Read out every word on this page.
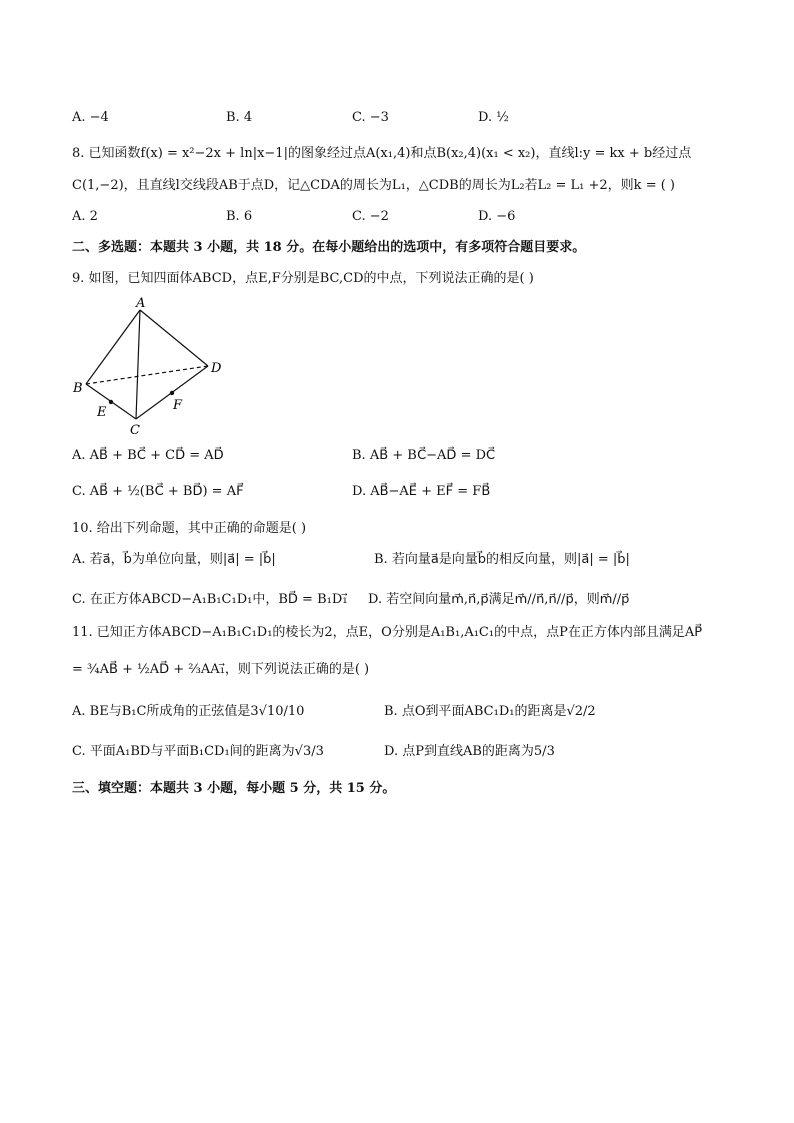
A. −4	B. 4	C. −3	D. ½
8. 已知函数f(x) = x²−2x + ln|x−1|的图象经过点A(x₁,4)和点B(x₂,4)(x₁ < x₂)，直线l:y = kx + b经过点
C(1,−2)，且直线l交线段AB于点D，记△CDA的周长为L₁，△CDB的周长为L₂若L₂ = L₁ +2，则k = ( )
A. 2	B. 6	C. −2	D. −6
二、多选题：本题共 3 小题，共 18 分。在每小题给出的选项中，有多项符合题目要求。
9. 如图，已知四面体ABCD，点E,F分别是BC,CD的中点，下列说法正确的是( )
A
B
C
D
E	F
A. AB⃗ + BC⃗ + CD⃗ = AD⃗	B. AB⃗ + BC⃗−AD⃗ = DC⃗
C. AB⃗ + ½(BC⃗ + BD⃗) = AF⃗	D. AB⃗−AE⃗ + EF⃗ = FB⃗
10. 给出下列命题，其中正确的命题是( )
A. 若a⃗，b⃗为单位向量，则|a⃗| = |b⃗|	B. 若向量a⃗是向量b⃗的相反向量，则|a⃗| = |b⃗|
C. 在正方体ABCD−A₁B₁C₁D₁中，BD⃗ = B₁D₁⃗ D. 若空间向量m⃗,n⃗,p⃗满足m⃗//n⃗,n⃗//p⃗，则m⃗//p⃗
11. 已知正方体ABCD−A₁B₁C₁D₁的棱长为2，点E，O分别是A₁B₁,A₁C₁的中点，点P在正方体内部且满足AP⃗
= ¾AB⃗ + ½AD⃗ + ⅔AA₁⃗，则下列说法正确的是( )
A. BE与B₁C所成角的正弦值是3√10/10	B. 点O到平面ABC₁D₁的距离是√2/2
C. 平面A₁BD与平面B₁CD₁间的距离为√3/3	D. 点P到直线AB的距离为5/3
三、填空题：本题共 3 小题，每小题 5 分，共 15 分。
